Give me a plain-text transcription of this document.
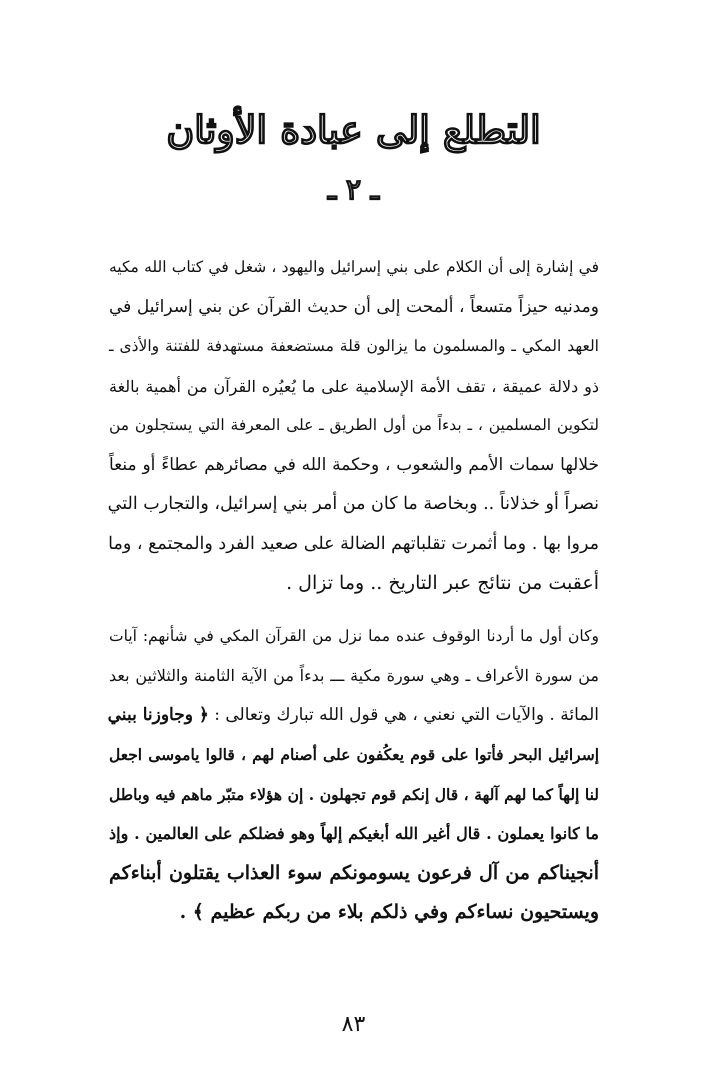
التطلع إلى عبادة الأوثان
ـ ٢ ـ

في إشارة إلى أن الكلام على بني إسرائيل واليهود ، شغل في كتاب الله مكيه
ومدنيه حيزاً متسعاً ، ألمحت إلى أن حديث القرآن عن بني إسرائيل في
العهد المكي ـ والمسلمون ما يزالون قلة مستضعفة مستهدفة للفتنة والأذى ـ
ذو دلالة عميقة ، تقف الأمة الإسلامية على ما يُعيُره القرآن من أهمية بالغة
لتكوين المسلمين ، ـ بدءاً من أول الطريق ـ على المعرفة التي يستجلون من
خلالها سمات الأمم والشعوب ، وحكمة الله في مصائرهم عطاءً أو منعاً
نصراً أو خذلاناً .. وبخاصة ما كان من أمر بني إسرائيل، والتجارب التي
مروا بها . وما أثمرت تقلباتهم الضالة على صعيد الفرد والمجتمع ، وما
أعقبت من نتائج عبر التاريخ .. وما تزال .

وكان أول ما أردنا الوقوف عنده مما نزل من القرآن المكي في شأنهم: آيات
من سورة الأعراف ـ وهي سورة مكية ـــ بدءاً من الآية الثامنة والثلاثين بعد
المائة . والآيات التي نعني ، هي قول الله تبارك وتعالى : ﴿ وجاوزنا ببني
إسرائيل البحر فأتوا على قوم يعكُفون على أصنام لهم ، قالوا ياموسى اجعل
لنا إلهاً كما لهم آلهة ، قال إنكم قوم تجهلون . إن هؤلاء متبّر ماهم فيه وباطل
ما كانوا يعملون . قال أغير الله أبغيكم إلهاً وهو فضلكم على العالمين . وإذ
أنجيناكم من آل فرعون يسومونكم سوء العذاب يقتلون أبناءكم
ويستحيون نساءكم وفي ذلكم بلاء من ربكم عظيم ﴾ .

٨٣
